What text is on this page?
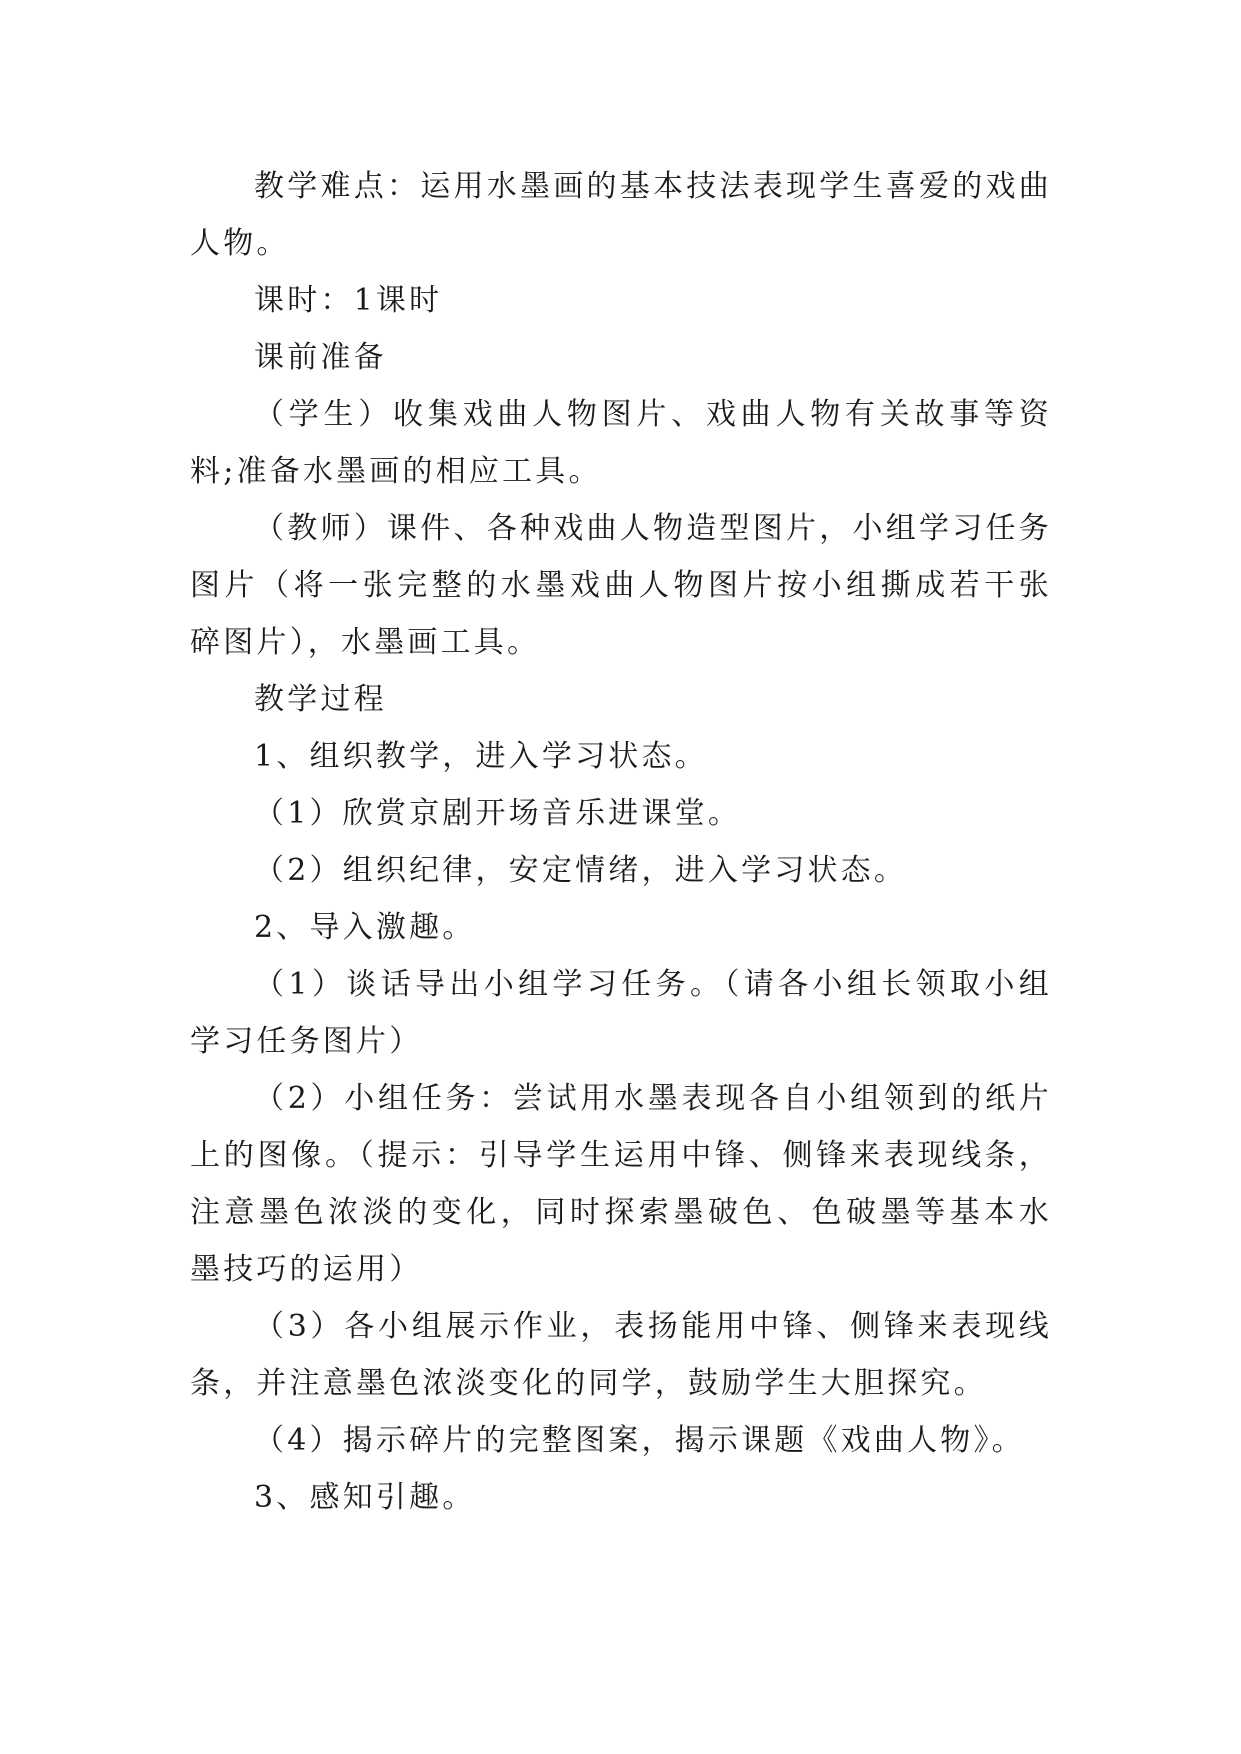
教学难点：运用水墨画的基本技法表现学生喜爱的戏曲人物。

课时：1课时

课前准备

（学生）收集戏曲人物图片、戏曲人物有关故事等资料;准备水墨画的相应工具。

（教师）课件、各种戏曲人物造型图片，小组学习任务图片（将一张完整的水墨戏曲人物图片按小组撕成若干张碎图片），水墨画工具。

教学过程

1、组织教学，进入学习状态。

（1）欣赏京剧开场音乐进课堂。

（2）组织纪律，安定情绪，进入学习状态。

2、导入激趣。

（1）谈话导出小组学习任务。（请各小组长领取小组学习任务图片）

（2）小组任务：尝试用水墨表现各自小组领到的纸片上的图像。（提示：引导学生运用中锋、侧锋来表现线条，注意墨色浓淡的变化，同时探索墨破色、色破墨等基本水墨技巧的运用）

（3）各小组展示作业，表扬能用中锋、侧锋来表现线条，并注意墨色浓淡变化的同学，鼓励学生大胆探究。

（4）揭示碎片的完整图案，揭示课题《戏曲人物》。

3、感知引趣。
